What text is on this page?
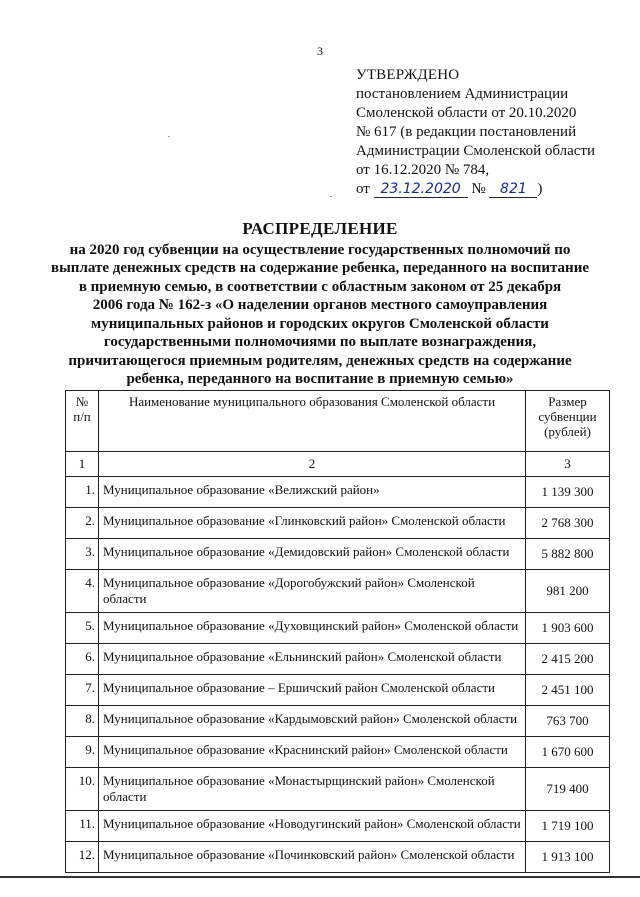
3
УТВЕРЖДЕНО
постановлением Администрации
Смоленской области от 20.10.2020
№ 617 (в редакции постановлений
Администрации Смоленской области
от 16.12.2020 № 784,
от 23.12.2020 № 821 )
РАСПРЕДЕЛЕНИЕ
на 2020 год субвенции на осуществление государственных полномочий по
выплате денежных средств на содержание ребенка, переданного на воспитание
в приемную семью, в соответствии с областным законом от 25 декабря
2006 года № 162-з «О наделении органов местного самоуправления
муниципальных районов и городских округов Смоленской области
государственными полномочиями по выплате вознаграждения,
причитающегося приемным родителям, денежных средств на содержание
ребенка, переданного на воспитание в приемную семью»
№ п/п	Наименование муниципального образования Смоленской области	Размер субвенции (рублей)
1	2	3
1.	Муниципальное образование «Велижский район»	1 139 300
2.	Муниципальное образование «Глинковский район» Смоленской области	2 768 300
3.	Муниципальное образование «Демидовский район» Смоленской области	5 882 800
4.	Муниципальное образование «Дорогобужский район» Смоленской области	981 200
5.	Муниципальное образование «Духовщинский район» Смоленской области	1 903 600
6.	Муниципальное образование «Ельнинский район» Смоленской области	2 415 200
7.	Муниципальное образование – Ершичский район Смоленской области	2 451 100
8.	Муниципальное образование «Кардымовский район» Смоленской области	763 700
9.	Муниципальное образование «Краснинский район» Смоленской области	1 670 600
10.	Муниципальное образование «Монастырщинский район» Смоленской области	719 400
11.	Муниципальное образование «Новодугинский район» Смоленской области	1 719 100
12.	Муниципальное образование «Починковский район» Смоленской области	1 913 100
